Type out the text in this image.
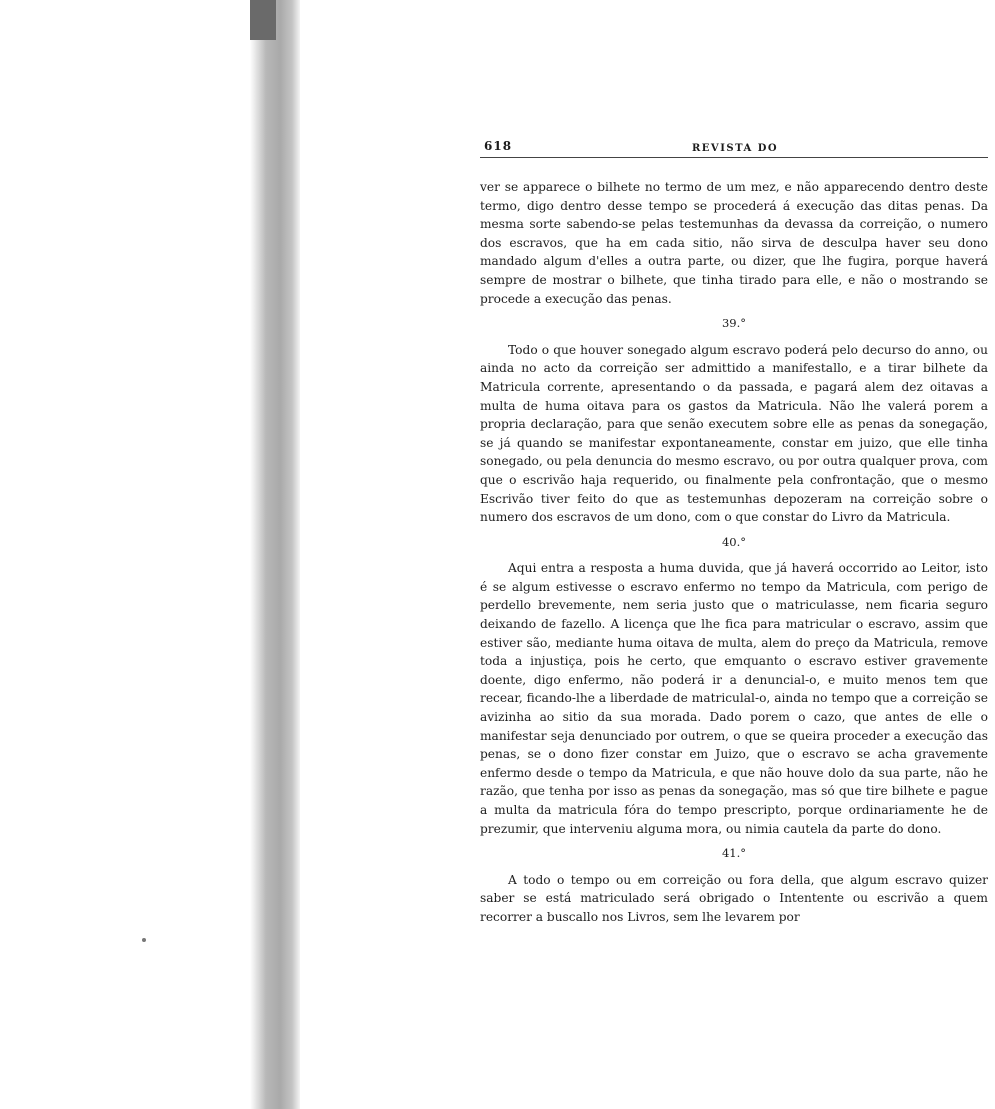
618	REVISTA DO

ver se apparece o bilhete no termo de um mez, e não apparecendo dentro deste termo, digo dentro desse tempo se procederá á execução das ditas penas. Da mesma sorte sabendo-se pelas testemunhas da devassa da correição, o numero dos escravos, que ha em cada sitio, não sirva de desculpa haver seu dono mandado algum d'elles a outra parte, ou dizer, que lhe fugira, porque haverá sempre de mostrar o bilhete, que tinha tirado para elle, e não o mostrando se procede a execução das penas.

39.°

Todo o que houver sonegado algum escravo poderá pelo decurso do anno, ou ainda no acto da correição ser admittido a manifestallo, e a tirar bilhete da Matricula corrente, apresentando o da passada, e pagará alem dez oitavas a multa de huma oitava para os gastos da Matricula. Não lhe valerá porem a propria declaração, para que senão executem sobre elle as penas da sonegação, se já quando se manifestar expontaneamente, constar em juizo, que elle tinha sonegado, ou pela denuncia do mesmo escravo, ou por outra qualquer prova, com que o escrivão haja requerido, ou finalmente pela confrontação, que o mesmo Escrivão tiver feito do que as testemunhas depozeram na correição sobre o numero dos escravos de um dono, com o que constar do Livro da Matricula.

40.°

Aqui entra a resposta a huma duvida, que já haverá occorrido ao Leitor, isto é se algum estivesse o escravo enfermo no tempo da Matricula, com perigo de perdello brevemente, nem seria justo que o matriculasse, nem ficaria seguro deixando de fazello. A licença que lhe fica para matricular o escravo, assim que estiver são, mediante huma oitava de multa, alem do preço da Matricula, remove toda a injustiça, pois he certo, que emquanto o escravo estiver gravemente doente, digo enfermo, não poderá ir a denuncial-o, e muito menos tem que recear, ficando-lhe a liberdade de matriculal-o, ainda no tempo que a correição se avizinha ao sitio da sua morada. Dado porem o cazo, que antes de elle o manifestar seja denunciado por outrem, o que se queira proceder a execução das penas, se o dono fizer constar em Juizo, que o escravo se acha gravemente enfermo desde o tempo da Matricula, e que não houve dolo da sua parte, não he razão, que tenha por isso as penas da sonegação, mas só que tire bilhete e pague a multa da matricula fóra do tempo prescripto, porque ordinariamente he de prezumir, que interveniu alguma mora, ou nimia cautela da parte do dono.

41.°

A todo o tempo ou em correição ou fora della, que algum escravo quizer saber se está matriculado será obrigado o Intentente ou escrivão a quem recorrer a buscallo nos Livros, sem lhe levarem por
